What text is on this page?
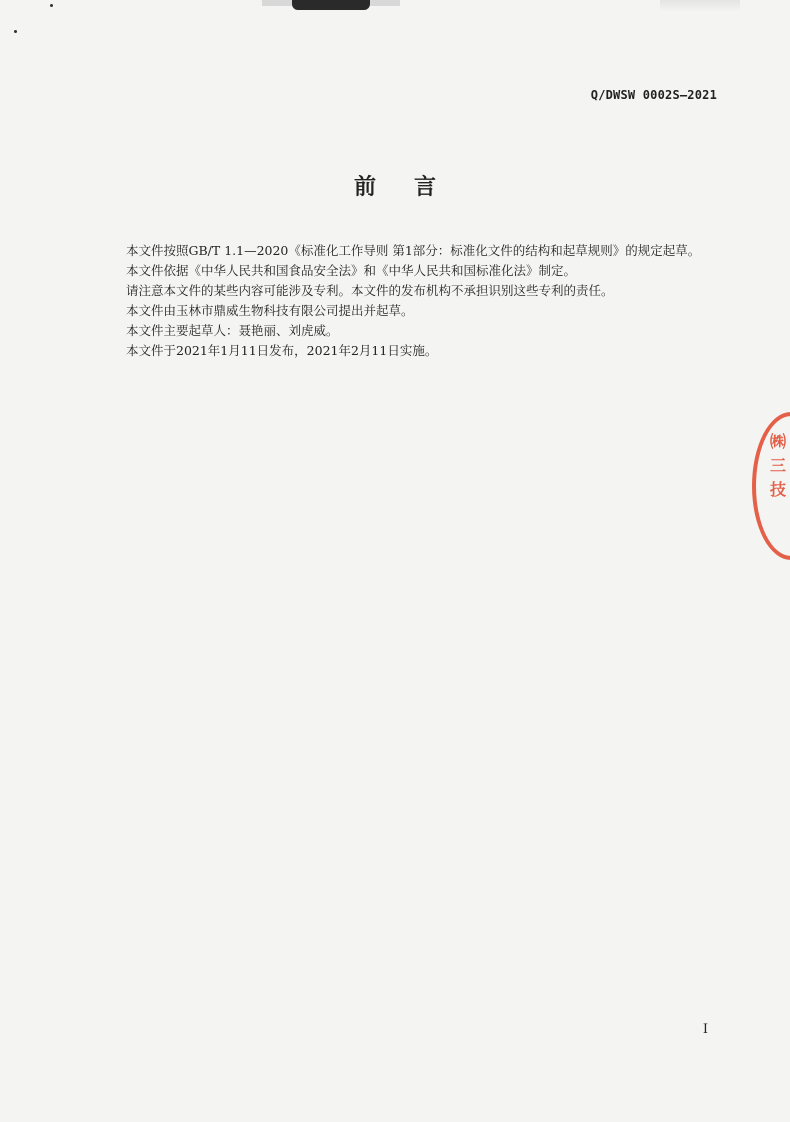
Q/DWSW 0002S—2021
前言

本文件按照GB/T 1.1—2020《标准化工作导则 第1部分：标准化文件的结构和起草规则》的规定起草。

本文件依据《中华人民共和国食品安全法》和《中华人民共和国标准化法》制定。

请注意本文件的某些内容可能涉及专利。本文件的发布机构不承担识别这些专利的责任。

本文件由玉林市鼎威生物科技有限公司提出并起草。

本文件主要起草人：聂艳丽、刘虎威。

本文件于2021年1月11日发布，2021年2月11日实施。

㈱
三
技
I
